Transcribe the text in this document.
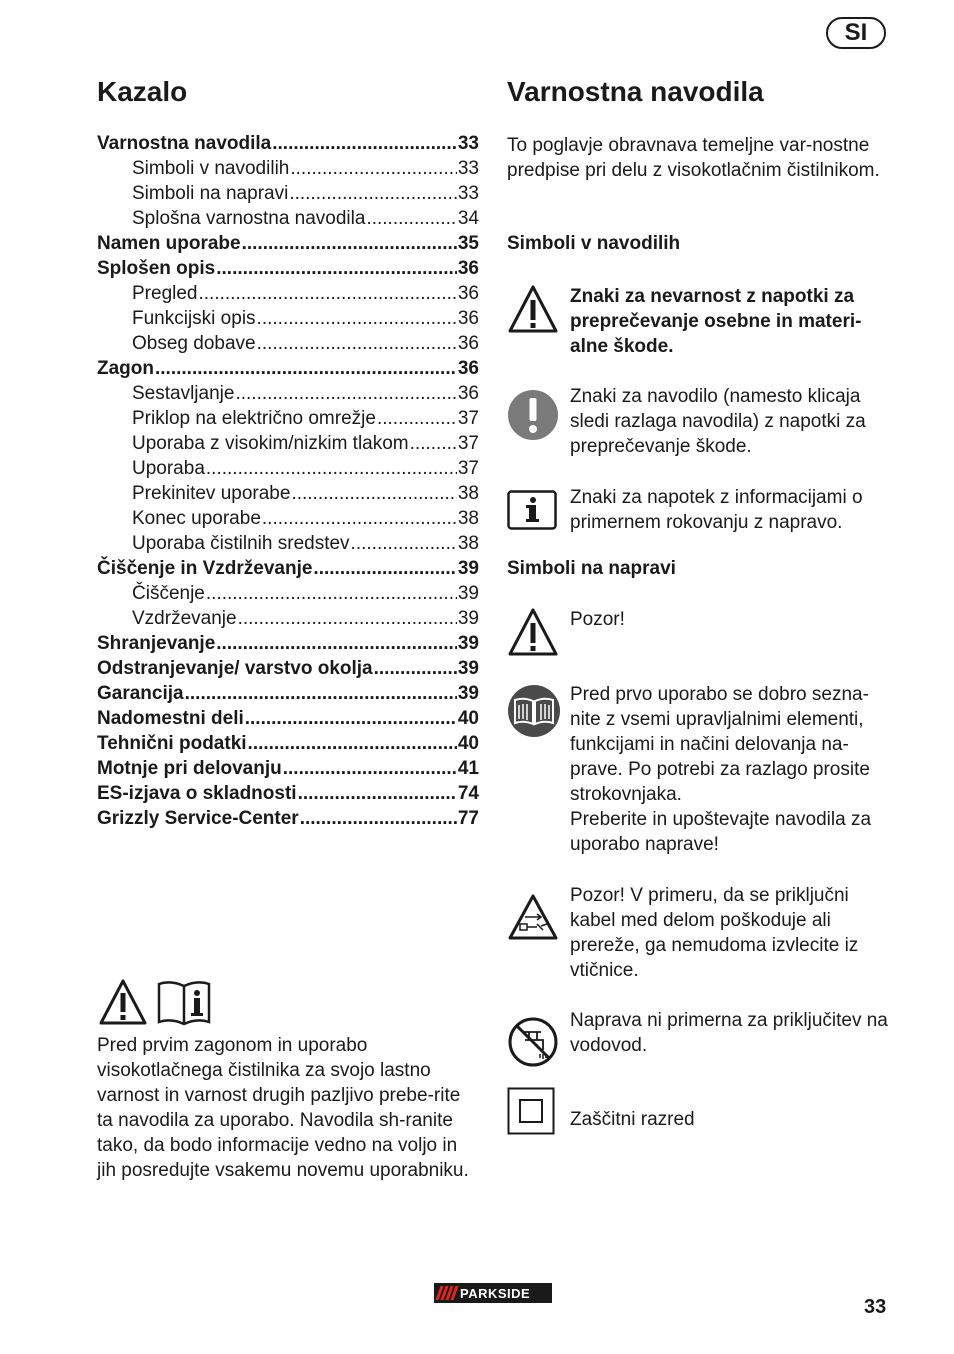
SI
Kazalo	Varnostna navodila
Varnostna navodila .....	33
Simboli v navodilih .....	33
Simboli na napravi .....	33
Splošna varnostna navodila .....	34
Namen uporabe .....	35
Splošen opis .....	36
Pregled .....	36
Funkcijski opis .....	36
Obseg dobave .....	36
Zagon .....	36
Sestavljanje .....	36
Priklop na električno omrežje .....	37
Uporaba z visokim/nizkim tlakom .....	37
Uporaba .....	37
Prekinitev uporabe .....	38
Konec uporabe .....	38
Uporaba čistilnih sredstev .....	38
Čiščenje in Vzdrževanje .....	39
Čiščenje .....	39
Vzdrževanje .....	39
Shranjevanje .....	39
Odstranjevanje/ varstvo okolja .....	39
Garancija .....	39
Nadomestni deli .....	40
Tehnični podatki .....	40
Motnje pri delovanju .....	41
ES-izjava o skladnosti .....	74
Grizzly Service-Center .....	77
Pred prvim zagonom in uporabo visokotlačnega čistilnika za svojo lastno varnost in varnost drugih pazljivo prebe-rite ta navodila za uporabo. Navodila sh-ranite tako, da bodo informacije vedno na voljo in jih posredujte vsakemu novemu uporabniku.
To poglavje obravnava temeljne var-nostne predpise pri delu z visokotlačnim čistilnikom.
Simboli v navodilih
Znaki za nevarnost z napotki za preprečevanje osebne in materi-alne škode.
Znaki za navodilo (namesto klicaja sledi razlaga navodila) z napotki za preprečevanje škode.
Znaki za napotek z informacijami o primernem rokovanju z napravo.
Simboli na napravi
Pozor!
Pred prvo uporabo se dobro sezna-nite z vsemi upravljalnimi elementi, funkcijami in načini delovanja na-prave. Po potrebi za razlago prosite strokovnjaka.
Preberite in upoštevajte navodila za uporabo naprave!
Pozor! V primeru, da se priključni kabel med delom poškoduje ali prereže, ga nemudoma izvlecite iz vtičnice.
Naprava ni primerna za priključitev na vodovod.
Zaščitni razred
PARKSIDE
33
